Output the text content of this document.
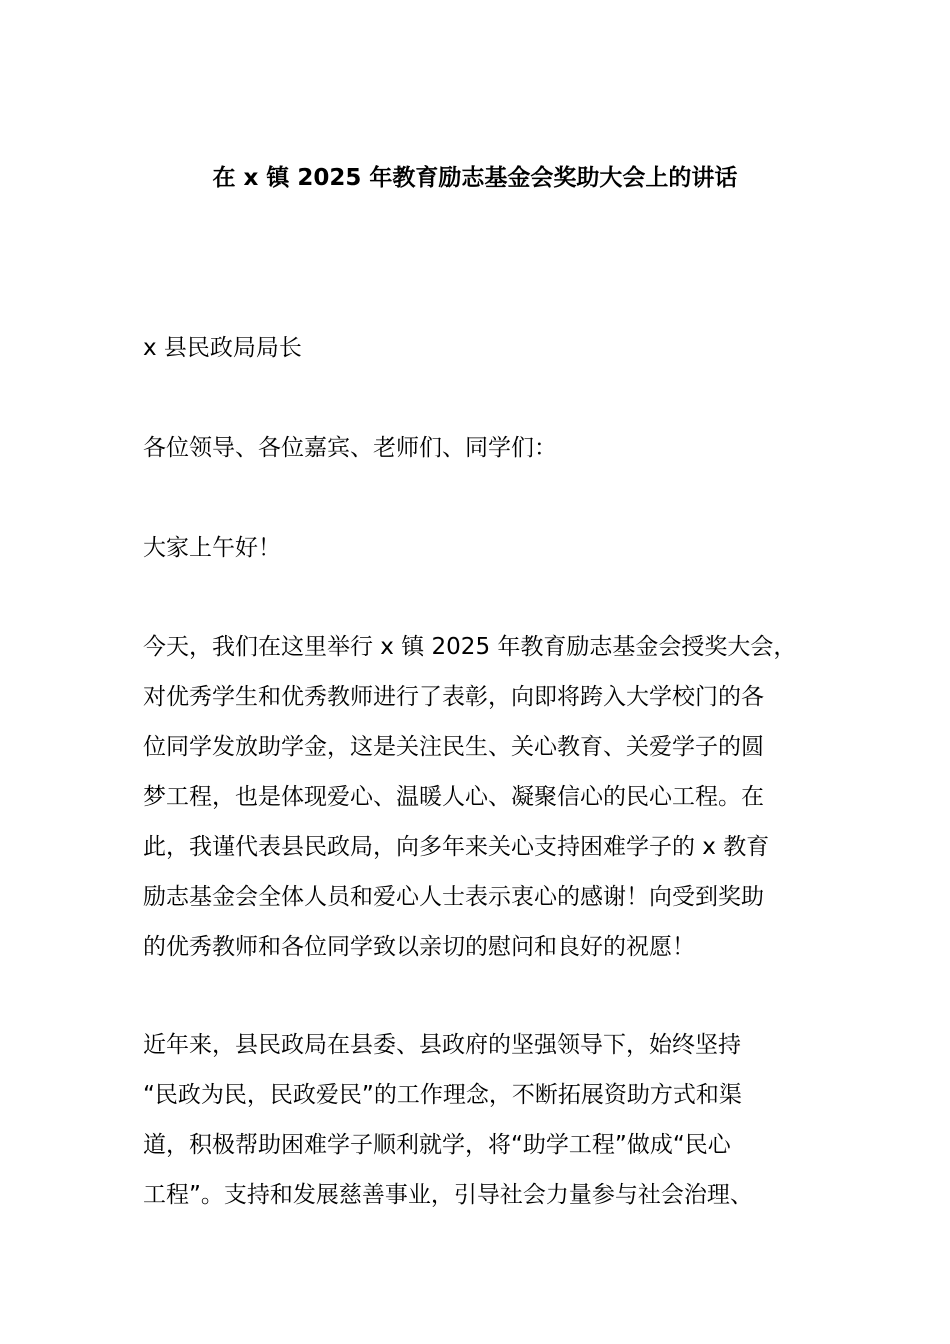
在 x 镇 2025 年教育励志基金会奖助大会上的讲话
x 县民政局局长
各位领导、各位嘉宾、老师们、同学们：
大家上午好！
今天，我们在这里举行 x 镇 2025 年教育励志基金会授奖大会，
对优秀学生和优秀教师进行了表彰，向即将跨入大学校门的各
位同学发放助学金，这是关注民生、关心教育、关爱学子的圆
梦工程，也是体现爱心、温暖人心、凝聚信心的民心工程。在
此，我谨代表县民政局，向多年来关心支持困难学子的 x 教育
励志基金会全体人员和爱心人士表示衷心的感谢！向受到奖助
的优秀教师和各位同学致以亲切的慰问和良好的祝愿！
近年来，县民政局在县委、县政府的坚强领导下，始终坚持
“民政为民，民政爱民”的工作理念，不断拓展资助方式和渠
道，积极帮助困难学子顺利就学，将“助学工程”做成“民心
工程”。支持和发展慈善事业，引导社会力量参与社会治理、
